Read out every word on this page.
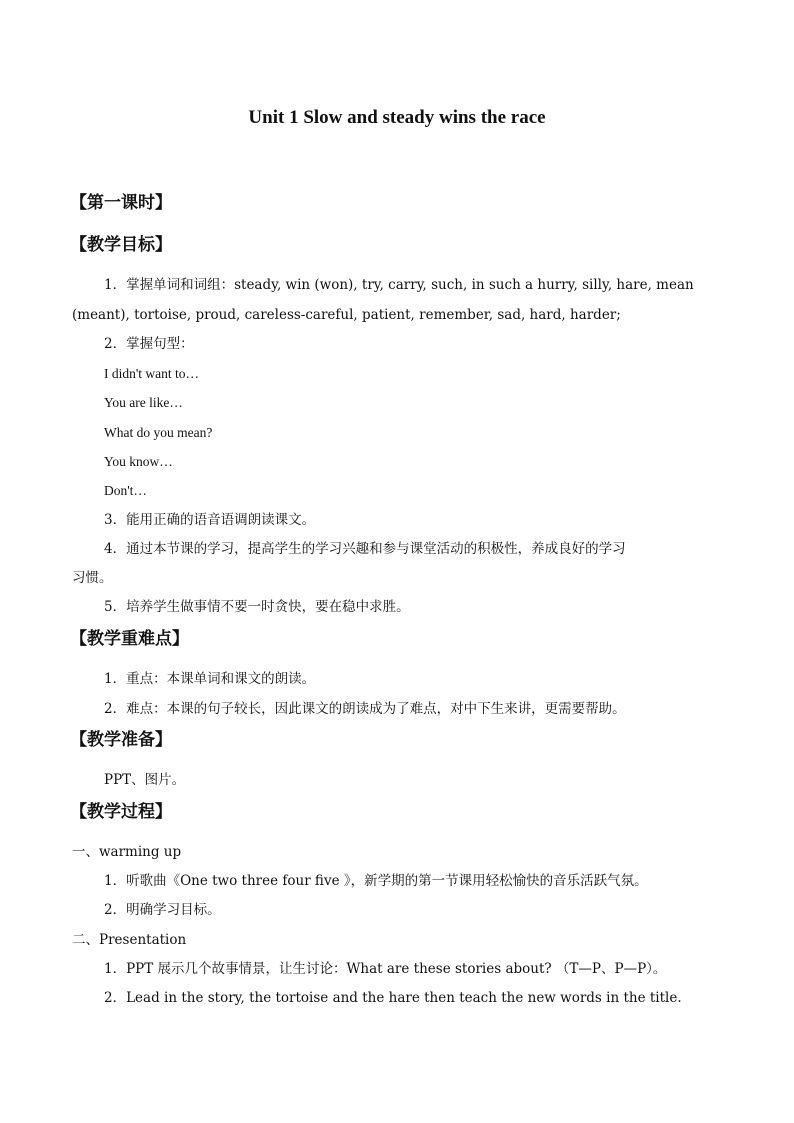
Unit 1 Slow and steady wins the race
【第一课时】
【教学目标】
1．掌握单词和词组：steady, win (won), try, carry, such, in such a hurry, silly, hare, mean
(meant), tortoise, proud, careless-careful, patient, remember, sad, hard, harder;
2．掌握句型：
I didn't want to…
You are like…
What do you mean?
You know…
Don't…
3．能用正确的语音语调朗读课文。
4．通过本节课的学习，提高学生的学习兴趣和参与课堂活动的积极性，养成良好的学习
习惯。
5．培养学生做事情不要一时贪快，要在稳中求胜。
【教学重难点】
1．重点：本课单词和课文的朗读。
2．难点：本课的句子较长，因此课文的朗读成为了难点，对中下生来讲，更需要帮助。
【教学准备】
PPT、图片。
【教学过程】
一、warming up
1．听歌曲《One two three four five 》，新学期的第一节课用轻松愉快的音乐活跃气氛。
2．明确学习目标。
二、Presentation
1．PPT 展示几个故事情景，让生讨论：What are these stories about? （T—P、P—P）。
2．Lead in the story, the tortoise and the hare then teach the new words in the title.
